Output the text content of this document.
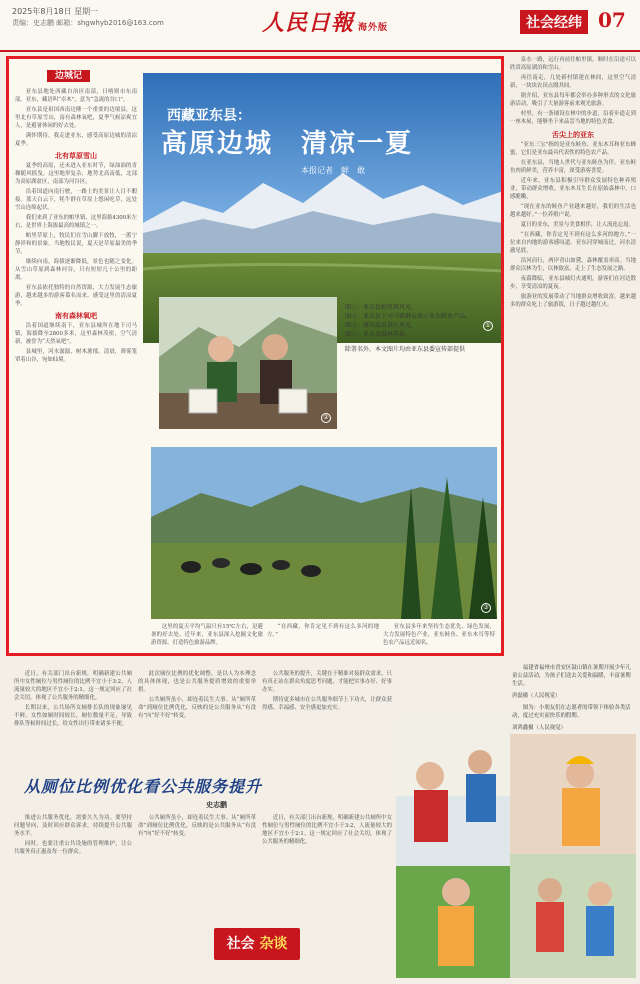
2025年8月18日 星期一
责编：史志鹏 邮箱：shgwhyb2016@163.com	人民日報 海外版	社会经纬 07
边城记

亚东县地处西藏自治区南部，日喀则市东南部。亚东，藏语叫“卓木”，意为“急流的谷口”。

亚东县是祖国西南边陲一个重要的边境县。这里北有草原雪山，南有森林氧吧，夏季气候凉爽宜人，是避暑休闲的好去处。

满怀期待，我走进亚东，感受高原边城的清凉夏季。

北有草原雪山

夏季的高原，还未进入亚东时节，绿油油的青稞随风摇曳。这里地形复杂，地势北高南低，北部为高原湖盆区，南部为河谷区。

沿着国道向南行驶，一路上的美景让人目不暇接。蓝天白云下，牦牛群在草原上悠闲吃草，远处雪山连绵起伏。

我们来到了亚东的帕里镇，这里海拔4300米左右，是世界上海拔最高的城镇之一。

帕里草原上，牧民们在雪山脚下放牧，一派宁静祥和的景象。当地牧民说，夏天是草原最美的季节。

继续向南，海拔逐渐降低，景色也随之变化。从雪山草原到森林河谷，只有短短几十公里的距离。

亚东县依托独特的自然资源，大力发展生态旅游，越来越多的游客慕名而来，感受这里的清凉夏季。

南有森林氧吧

沿着国道继续南下，亚东县城所在地下司马镇，海拔降至2800多米，这里森林茂密，空气清新，被誉为“天然氧吧”。

县城里，河水潺潺，树木葱郁。清晨，薄雾笼罩着山谷，宛如仙境。

西藏亚东县：
高原边城　清凉一夏
本报记者　鲜　敢
①
②
图①：亚东县帕里镇风光。
图②：亚东县下司马镇群众展示亚东鲑鱼产品。
图③：康布温泉景区风光。
图④：亚东县森林美景。
除署名外，本文图片均由亚东县委宣传部提供
③

这里的夏天平均气温只有15℃左右，是避暑的好去处。近年来，亚东县深入挖掘文化旅游资源，打造特色旅游品牌。

“在西藏，你肯定见不到有这么多河的地方。”

亚东县多年来坚持生态优先、绿色发展，大力发展特色产业，亚东鲑鱼、亚东木耳等特色农产品远近闻名。

泉水一路，远行再前往帕里镇，顺时在沿途可以欣赏高原湖泊和雪山。

再往南走，几处新村镇建在林间，这里空气清新，一块块农田点缀其间。

据介绍，亚东县每年都会举办多种形式的文化旅游活动，吸引了大量游客前来观光旅游。

村里，有一条铺设在林中的步道，沿着步道走到一座木屋，能够坐下来品尝当地的特色美食。

舌尖上的亚东

“亚东三宝”指的是亚东鲑鱼、亚东木耳和亚东蜂蜜，它们是亚东最具代表性的特色农产品。

在亚东县，当地人世代与亚东鲑鱼为伴。亚东鲑鱼肉质鲜美，营养丰富，深受游客喜爱。

近年来，亚东县积极引导群众发展特色种养殖业，带动群众增收。亚东木耳生长在原始森林中，口感脆嫩。

“现在亚东的鲑鱼产业越来越好，我们的生活也越来越好。”一位养殖户说。

夏日的亚东，美景与美食相伴，让人流连忘返。

“在西藏，你肯定见不到有这么多河的地方。”一位来自内地的游客感叹道。亚东河穿城而过，河水清澈见底。

沿河而行，两岸青山如黛，森林覆盖率高。当地群众以林为生，以林致富，走上了生态发展之路。

夜幕降临，亚东县城灯火通明，游客们在河边散步，享受清凉的夏夜。

旅游业的发展带动了当地群众增收致富。越来越多的群众吃上了旅游饭，日子越过越红火。

近日，有关部门出台新规，明确新建公共厕所中女性厕位与男性厕位的比例不宜小于3:2，人流量较大的地区不宜小于2:1。这一规定回应了社会关切，体现了公共服务的精细化。

长期以来，公共场所女厕排长队的现象屡见不鲜。女性如厕时间较长，厕位数量不足，导致排队等候时间过长，给女性出行带来诸多不便。

此次厕位比例的优化调整，是以人为本理念的具体体现，也是公共服务提质增效的重要举措。

公共厕所虽小，却连着民生大事。从“厕所革命”到厕位比例优化，反映的是公共服务从“有没有”向“好不好”转变。

公共服务的提升，关键在于精准对接群众需求。只有真正站在群众角度思考问题，才能把实事办好、好事办实。

期待更多城市在公共服务细节上下功夫，让群众获得感、幸福感、安全感更加充实。

从厕位比例优化看公共服务提升
史志鹏

推进公共服务优化，需要久久为功。要坚持问题导向，及时回应群众诉求，持续提升公共服务水平。

同时，也要注重公共设施的管理维护，让公共服务真正惠及每一位群众。

公共厕所虽小，却连着民生大事。从“厕所革命”到厕位比例优化，反映的是公共服务从“有没有”向“好不好”转变。

近日，有关部门出台新规，明确新建公共厕所中女性厕位与男性厕位的比例不宜小于3:2，人流量较大的地区不宜小于2:1。这一规定回应了社会关切，体现了公共服务的精细化。

社会 杂谈
福建省福州市晋安区鼓山镇在暑期开展少年儿童公益活动，为孩子们送去关爱和温暖，丰富暑期生活。
唐磊摄（人民视觉）
图为：小朋友们在志愿者的带领下体验各类活动，度过充实而快乐的假期。
刘鸿鑫摄（人民视觉）
